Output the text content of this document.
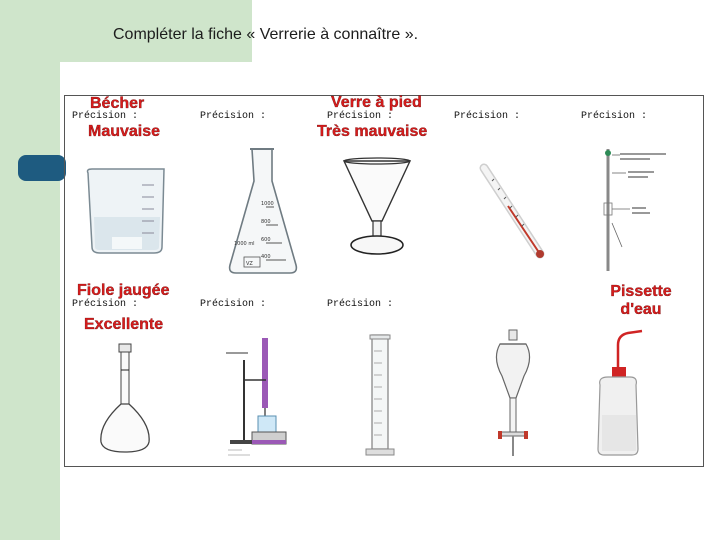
Compléter la fiche « Verrerie à connaître ».
Précision :	Précision :	Précision :	Précision :	Précision :
Précision :	Précision :	Précision :
Bécher
Mauvaise
Verre à pied
Très mauvaise
Fiole jaugée
Excellente
Pissette d'eau
1000
800
600
400
1000 ml
VZ
